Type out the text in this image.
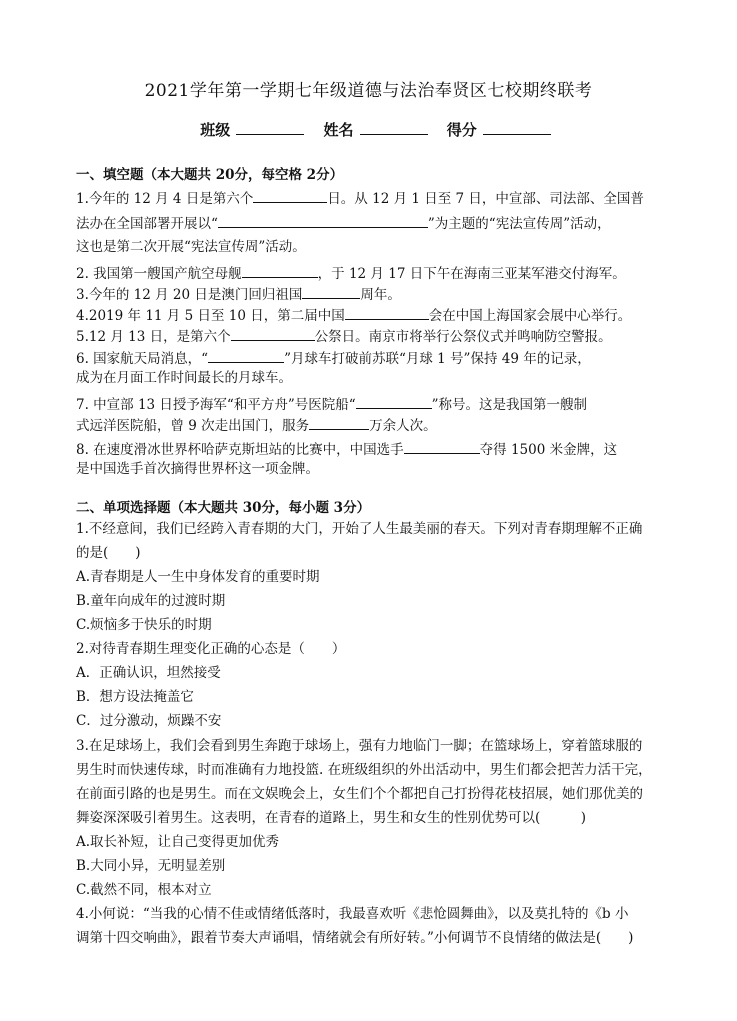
2021学年第一学期七年级道德与法治奉贤区七校期终联考
班级	姓名	得分
一、填空题（本大题共 20分，每空格 2分）
1.今年的 12 月 4 日是第六个	日。从 12 月 1 日至 7 日，中宣部、司法部、全国普
法办在全国部署开展以“	”为主题的“宪法宣传周”活动，
这也是第二次开展“宪法宣传周”活动。
2. 我国第一艘国产航空母舰	，于 12 月 17 日下午在海南三亚某军港交付海军。
3.今年的 12 月 20 日是澳门回归祖国	周年。
4.2019 年 11 月 5 日至 10 日，第二届中国	会在中国上海国家会展中心举行。
5.12 月 13 日，是第六个	公祭日。南京市将举行公祭仪式并鸣响防空警报。
6. 国家航天局消息，“	”月球车打破前苏联“月球 1 号”保持 49 年的记录，
成为在月面工作时间最长的月球车。
7. 中宣部 13 日授予海军“和平方舟”号医院船“	”称号。这是我国第一艘制
式远洋医院船，曾 9 次走出国门，服务	万余人次。
8. 在速度滑冰世界杯哈萨克斯坦站的比赛中，中国选手	夺得 1500 米金牌，这
是中国选手首次摘得世界杯这一项金牌。
二、单项选择题（本大题共 30分，每小题 3分）
1.不经意间，我们已经跨入青春期的大门，开始了人生最美丽的春天。下列对青春期理解不正确
的是(　　)
A.青春期是人一生中身体发育的重要时期
B.童年向成年的过渡时期
C.烦恼多于快乐的时期
2.对待青春期生理变化正确的心态是（　　）
A．正确认识，坦然接受
B．想方设法掩盖它
C．过分激动，烦躁不安
3.在足球场上，我们会看到男生奔跑于球场上，强有力地临门一脚；在篮球场上，穿着篮球服的
男生时而快速传球，时而准确有力地投篮. 在班级组织的外出活动中，男生们都会把苦力活干完，
在前面引路的也是男生。而在文娱晚会上，女生们个个都把自己打扮得花枝招展，她们那优美的
舞姿深深吸引着男生。这表明，在青春的道路上，男生和女生的性别优势可以(　　　)
A.取长补短，让自己变得更加优秀
B.大同小异，无明显差别
C.截然不同，根本对立
4.小何说：“当我的心情不佳或情绪低落时，我最喜欢听《悲怆圆舞曲》，以及莫扎特的《b 小
调第十四交响曲》，跟着节奏大声诵唱，情绪就会有所好转。”小何调节不良情绪的做法是(　　)
